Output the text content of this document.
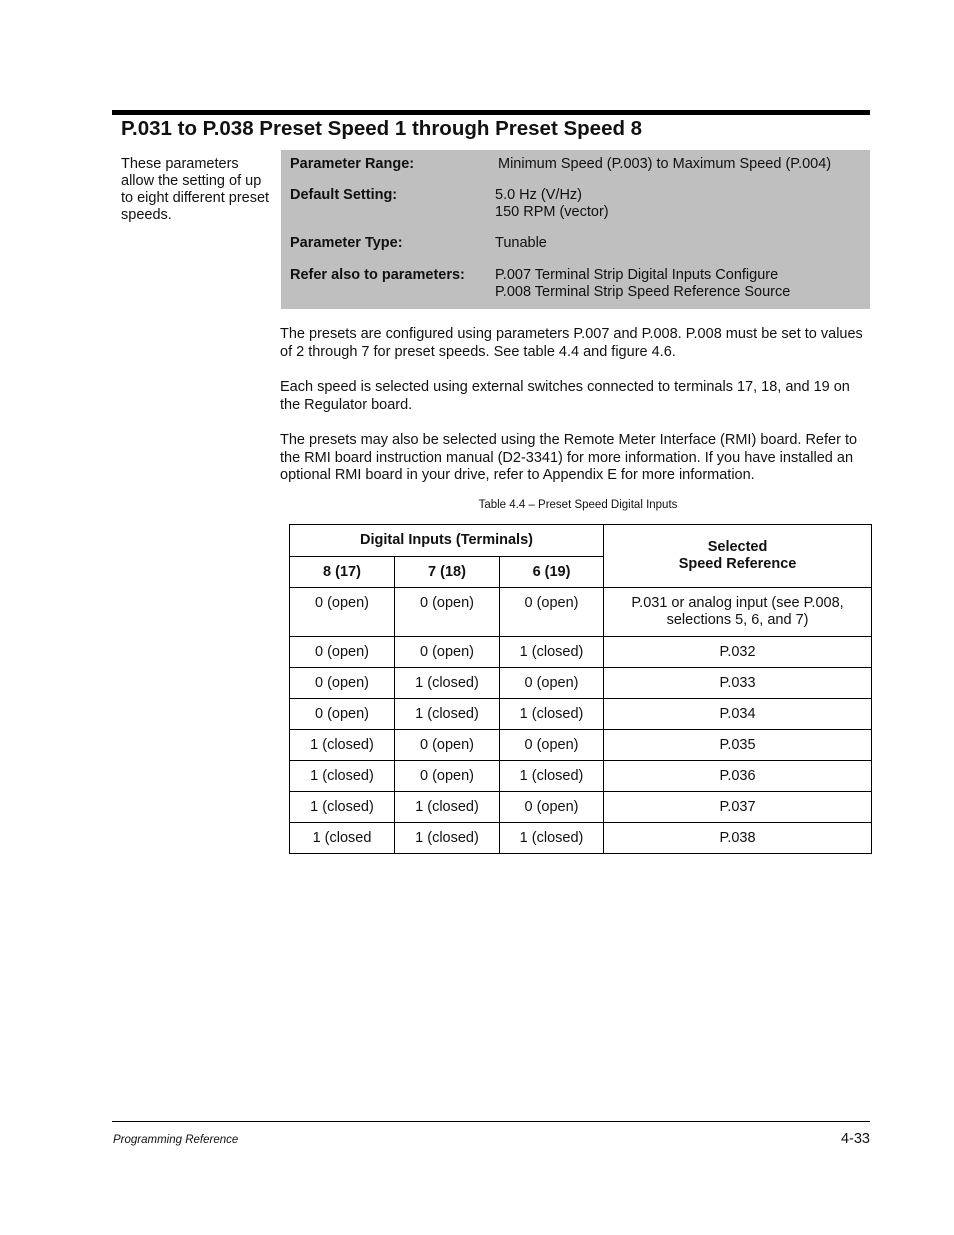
P.031 to P.038 Preset Speed 1 through Preset Speed 8

These parameters allow the setting of up to eight different preset speeds.

Parameter Range:	Minimum Speed (P.003) to Maximum Speed (P.004)
Default Setting:	5.0 Hz (V/Hz)
150 RPM (vector)
Parameter Type:	Tunable
Refer also to parameters: P.007 Terminal Strip Digital Inputs Configure
P.008 Terminal Strip Speed Reference Source

The presets are configured using parameters P.007 and P.008. P.008 must be set to values of 2 through 7 for preset speeds. See table 4.4 and figure 4.6.

Each speed is selected using external switches connected to terminals 17, 18, and 19 on the Regulator board.

The presets may also be selected using the Remote Meter Interface (RMI) board. Refer to the RMI board instruction manual (D2-3341) for more information. If you have installed an optional RMI board in your drive, refer to Appendix E for more information.

Table 4.4 – Preset Speed Digital Inputs

Digital Inputs (Terminals)			Selected
Speed Reference
8 (17)	7 (18)	6 (19)	
0 (open)	0 (open)	0 (open)	P.031 or analog input (see P.008, selections 5, 6, and 7)
0 (open)	0 (open)	1 (closed)	P.032
0 (open)	1 (closed)	0 (open)	P.033
0 (open)	1 (closed)	1 (closed)	P.034
1 (closed)	0 (open)	0 (open)	P.035
1 (closed)	0 (open)	1 (closed)	P.036
1 (closed)	1 (closed)	0 (open)	P.037
1 (closed	1 (closed)	1 (closed)	P.038

Programming Reference	4-33
